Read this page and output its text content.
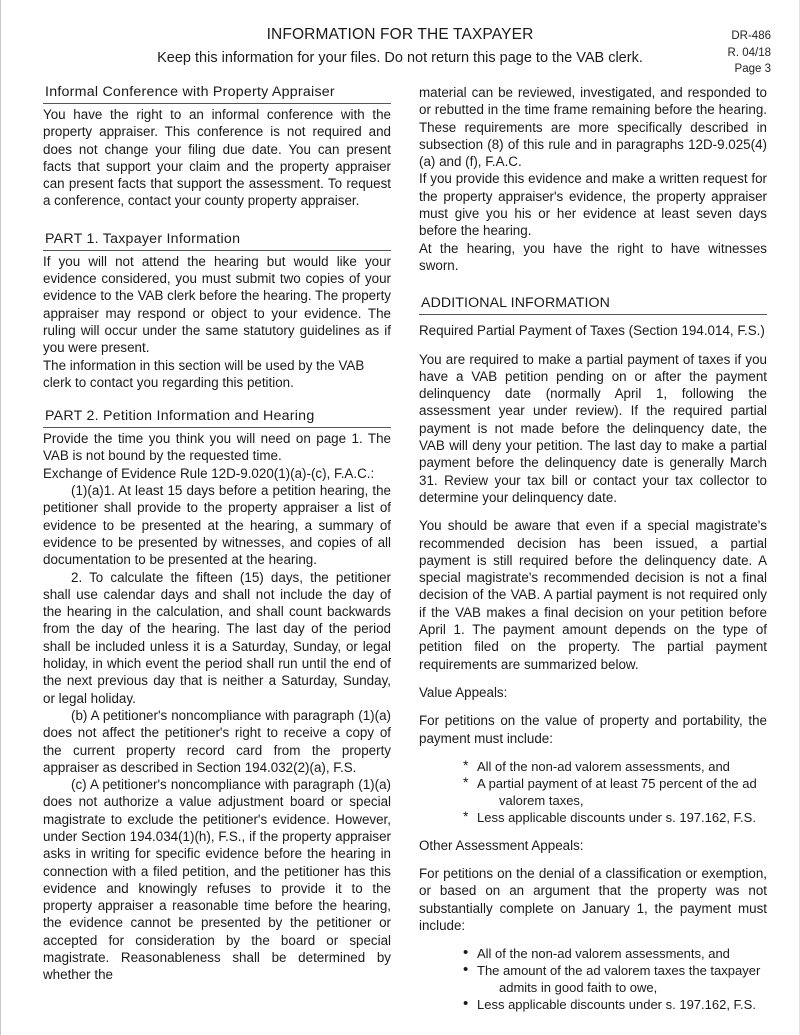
INFORMATION FOR THE TAXPAYER
Keep this information for your files. Do not return this page to the VAB clerk.
DR-486
R. 04/18
Page 3
Informal Conference with Property Appraiser

You have the right to an informal conference with the property appraiser. This conference is not required and does not change your filing due date. You can present facts that support your claim and the property appraiser can present facts that support the assessment. To request a conference, contact your county property appraiser.

PART 1. Taxpayer Information

If you will not attend the hearing but would like your evidence considered, you must submit two copies of your evidence to the VAB clerk before the hearing. The property appraiser may respond or object to your evidence. The ruling will occur under the same statutory guidelines as if you were present.

The information in this section will be used by the VAB clerk to contact you regarding this petition.

PART 2. Petition Information and Hearing

Provide the time you think you will need on page 1. The VAB is not bound by the requested time.

Exchange of Evidence Rule 12D-9.020(1)(a)-(c), F.A.C.:

(1)(a)1. At least 15 days before a petition hearing, the petitioner shall provide to the property appraiser a list of evidence to be presented at the hearing, a summary of evidence to be presented by witnesses, and copies of all documentation to be presented at the hearing.

2. To calculate the fifteen (15) days, the petitioner shall use calendar days and shall not include the day of the hearing in the calculation, and shall count backwards from the day of the hearing. The last day of the period shall be included unless it is a Saturday, Sunday, or legal holiday, in which event the period shall run until the end of the next previous day that is neither a Saturday, Sunday, or legal holiday.

(b) A petitioner's noncompliance with paragraph (1)(a) does not affect the petitioner's right to receive a copy of the current property record card from the property appraiser as described in Section 194.032(2)(a), F.S.

(c) A petitioner's noncompliance with paragraph (1)(a) does not authorize a value adjustment board or special magistrate to exclude the petitioner's evidence. However, under Section 194.034(1)(h), F.S., if the property appraiser asks in writing for specific evidence before the hearing in connection with a filed petition, and the petitioner has this evidence and knowingly refuses to provide it to the property appraiser a reasonable time before the hearing, the evidence cannot be presented by the petitioner or accepted for consideration by the board or special magistrate. Reasonableness shall be determined by whether the

material can be reviewed, investigated, and responded to or rebutted in the time frame remaining before the hearing. These requirements are more specifically described in subsection (8) of this rule and in paragraphs 12D-9.025(4)(a) and (f), F.A.C.

If you provide this evidence and make a written request for the property appraiser's evidence, the property appraiser must give you his or her evidence at least seven days before the hearing.

At the hearing, you have the right to have witnesses sworn.

ADDITIONAL INFORMATION

Required Partial Payment of Taxes (Section 194.014, F.S.)

You are required to make a partial payment of taxes if you have a VAB petition pending on or after the payment delinquency date (normally April 1, following the assessment year under review). If the required partial payment is not made before the delinquency date, the VAB will deny your petition. The last day to make a partial payment before the delinquency date is generally March 31. Review your tax bill or contact your tax collector to determine your delinquency date.

You should be aware that even if a special magistrate's recommended decision has been issued, a partial payment is still required before the delinquency date. A special magistrate's recommended decision is not a final decision of the VAB. A partial payment is not required only if the VAB makes a final decision on your petition before April 1. The payment amount depends on the type of petition filed on the property. The partial payment requirements are summarized below.

Value Appeals:

For petitions on the value of property and portability, the payment must include:

* All of the non-ad valorem assessments, and
* A partial payment of at least 75 percent of the ad valorem taxes,
* Less applicable discounts under s. 197.162, F.S.

Other Assessment Appeals:

For petitions on the denial of a classification or exemption, or based on an argument that the property was not substantially complete on January 1, the payment must include:

• All of the non-ad valorem assessments, and
• The amount of the ad valorem taxes the taxpayer admits in good faith to owe,
• Less applicable discounts under s. 197.162, F.S.
